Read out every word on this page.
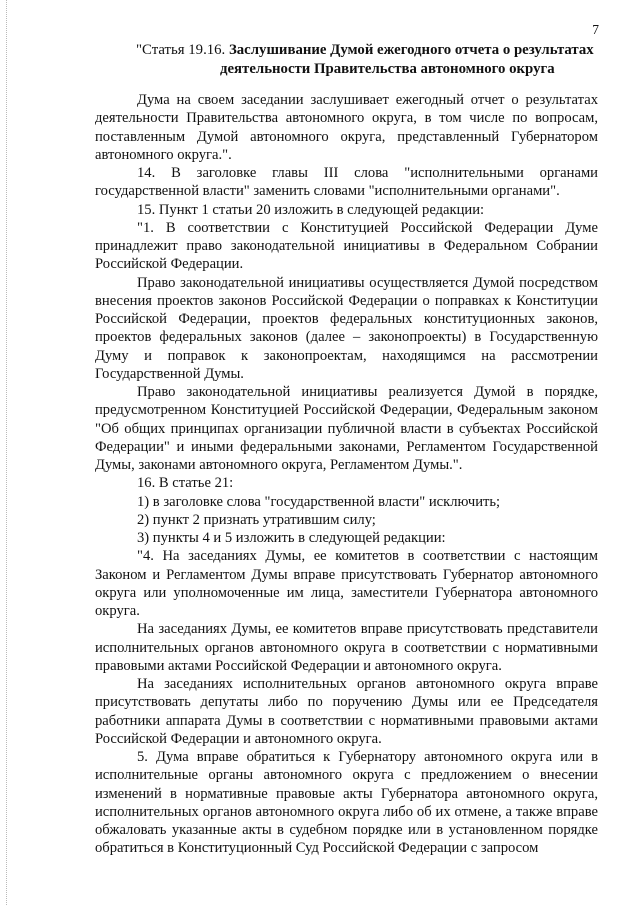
7
"Статья 19.16. Заслушивание Думой ежегодного отчета о результатах
деятельности Правительства автономного округа

Дума на своем заседании заслушивает ежегодный отчет о результатах деятельности Правительства автономного округа, в том числе по вопросам, поставленным Думой автономного округа, представленный Губернатором автономного округа.".

14. В заголовке главы III слова "исполнительными органами государственной власти" заменить словами "исполнительными органами".

15. Пункт 1 статьи 20 изложить в следующей редакции:

"1. В соответствии с Конституцией Российской Федерации Думе принадлежит право законодательной инициативы в Федеральном Собрании Российской Федерации.

Право законодательной инициативы осуществляется Думой посредством внесения проектов законов Российской Федерации о поправках к Конституции Российской Федерации, проектов федеральных конституционных законов, проектов федеральных законов (далее – законопроекты) в Государственную Думу и поправок к законопроектам, находящимся на рассмотрении Государственной Думы.

Право законодательной инициативы реализуется Думой в порядке, предусмотренном Конституцией Российской Федерации, Федеральным законом "Об общих принципах организации публичной власти в субъектах Российской Федерации" и иными федеральными законами, Регламентом Государственной Думы, законами автономного округа, Регламентом Думы.".

16. В статье 21:

1) в заголовке слова "государственной власти" исключить;

2) пункт 2 признать утратившим силу;

3) пункты 4 и 5 изложить в следующей редакции:

"4. На заседаниях Думы, ее комитетов в соответствии с настоящим Законом и Регламентом Думы вправе присутствовать Губернатор автономного округа или уполномоченные им лица, заместители Губернатора автономного округа.

На заседаниях Думы, ее комитетов вправе присутствовать представители исполнительных органов автономного округа в соответствии с нормативными правовыми актами Российской Федерации и автономного округа.

На заседаниях исполнительных органов автономного округа вправе присутствовать депутаты либо по поручению Думы или ее Председателя работники аппарата Думы в соответствии с нормативными правовыми актами Российской Федерации и автономного округа.

5. Дума вправе обратиться к Губернатору автономного округа или в исполнительные органы автономного округа с предложением о внесении изменений в нормативные правовые акты Губернатора автономного округа, исполнительных органов автономного округа либо об их отмене, а также вправе обжаловать указанные акты в судебном порядке или в установленном порядке обратиться в Конституционный Суд Российской Федерации с запросом
